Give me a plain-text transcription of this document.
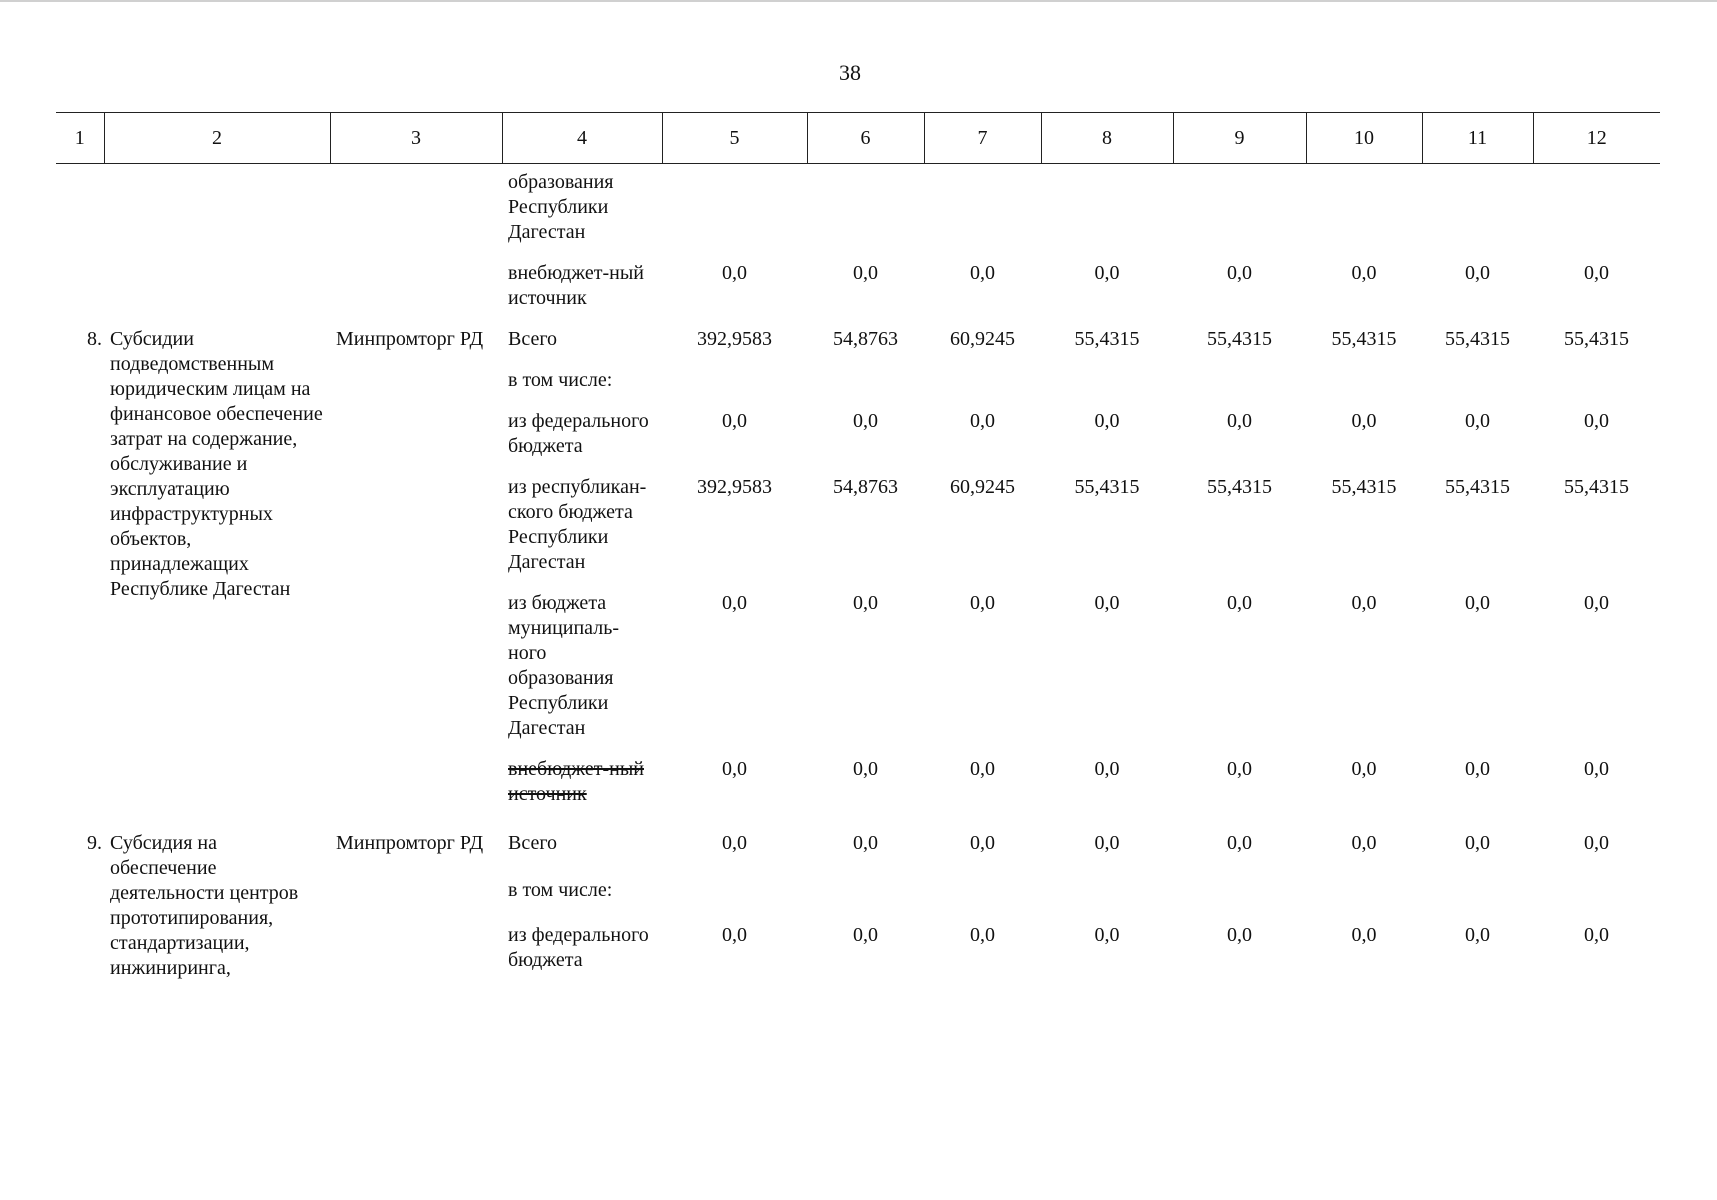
38
1	2	3	4	5	6	7	8	9	10	11	12
			образования Республики Дагестан								
			внебюджет-ный источник	0,0	0,0	0,0	0,0	0,0	0,0	0,0	0,0
8.	Субсидии подведомственным юридическим лицам на финансовое обеспечение затрат на содержание, обслуживание и эксплуатацию инфраструктурных объектов, принадлежащих Республике Дагестан	Минпромторг РД	Всего	392,9583	54,8763	60,9245	55,4315	55,4315	55,4315	55,4315	55,4315
			в том числе:								
			из федерального бюджета	0,0	0,0	0,0	0,0	0,0	0,0	0,0	0,0
			из республикан-ского бюджета Республики Дагестан	392,9583	54,8763	60,9245	55,4315	55,4315	55,4315	55,4315	55,4315
			из бюджета муниципаль-ного образования Республики Дагестан	0,0	0,0	0,0	0,0	0,0	0,0	0,0	0,0
			внебюджет-ный источник	0,0	0,0	0,0	0,0	0,0	0,0	0,0	0,0
9.	Субсидия на обеспечение деятельности центров прототипирования, стандартизации, инжиниринга,	Минпромторг РД	Всего	0,0	0,0	0,0	0,0	0,0	0,0	0,0	0,0
			в том числе:								
			из федерального бюджета	0,0	0,0	0,0	0,0	0,0	0,0	0,0	0,0
